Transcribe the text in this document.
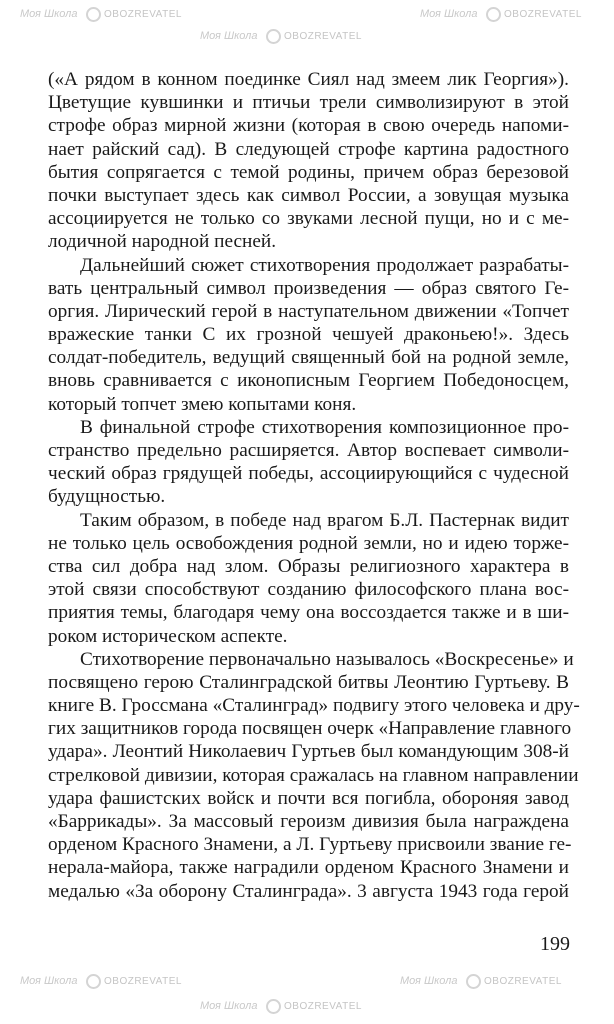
Моя Школа	OBOZREVATEL
Моя Школа	OBOZREVATEL
Моя Школа	OBOZREVATEL
Моя Школа	OBOZREVATEL
Моя Школа	OBOZREVATEL
Моя Школа	OBOZREVATEL
(«А рядом в конном поединке Сиял над змеем лик Георгия»).
Цветущие кувшинки и птичьи трели символизируют в этой
строфе образ мирной жизни (которая в свою очередь напоми-
нает райский сад). В следующей строфе картина радостного
бытия сопрягается с темой родины, причем образ березовой
почки выступает здесь как символ России, а зовущая музыка
ассоциируется не только со звуками лесной пущи, но и с ме-
лодичной народной песней.
Дальнейший сюжет стихотворения продолжает разрабаты-
вать центральный символ произведения — образ святого Ге-
оргия. Лирический герой в наступательном движении «Топчет
вражеские танки С их грозной чешуей драконьею!». Здесь
солдат-победитель, ведущий священный бой на родной земле,
вновь сравнивается с иконописным Георгием Победоносцем,
который топчет змею копытами коня.
В финальной строфе стихотворения композиционное про-
странство предельно расширяется. Автор воспевает символи-
ческий образ грядущей победы, ассоциирующийся с чудесной
будущностью.
Таким образом, в победе над врагом Б.Л. Пастернак видит
не только цель освобождения родной земли, но и идею торже-
ства сил добра над злом. Образы религиозного характера в
этой связи способствуют созданию философского плана вос-
приятия темы, благодаря чему она воссоздается также и в ши-
роком историческом аспекте.
Стихотворение первоначально называлось «Воскресенье» и
посвящено герою Сталинградской битвы Леонтию Гуртьеву. В
книге В. Гроссмана «Сталинград» подвигу этого человека и дру-
гих защитников города посвящен очерк «Направление главного
удара». Леонтий Николаевич Гуртьев был командующим 308-й
стрелковой дивизии, которая сражалась на главном направлении
удара фашистских войск и почти вся погибла, обороняя завод
«Баррикады». За массовый героизм дивизия была награждена
орденом Красного Знамени, а Л. Гуртьеву присвоили звание ге-
нерала-майора, также наградили орденом Красного Знамени и
медалью «За оборону Сталинграда». 3 августа 1943 года герой
199
